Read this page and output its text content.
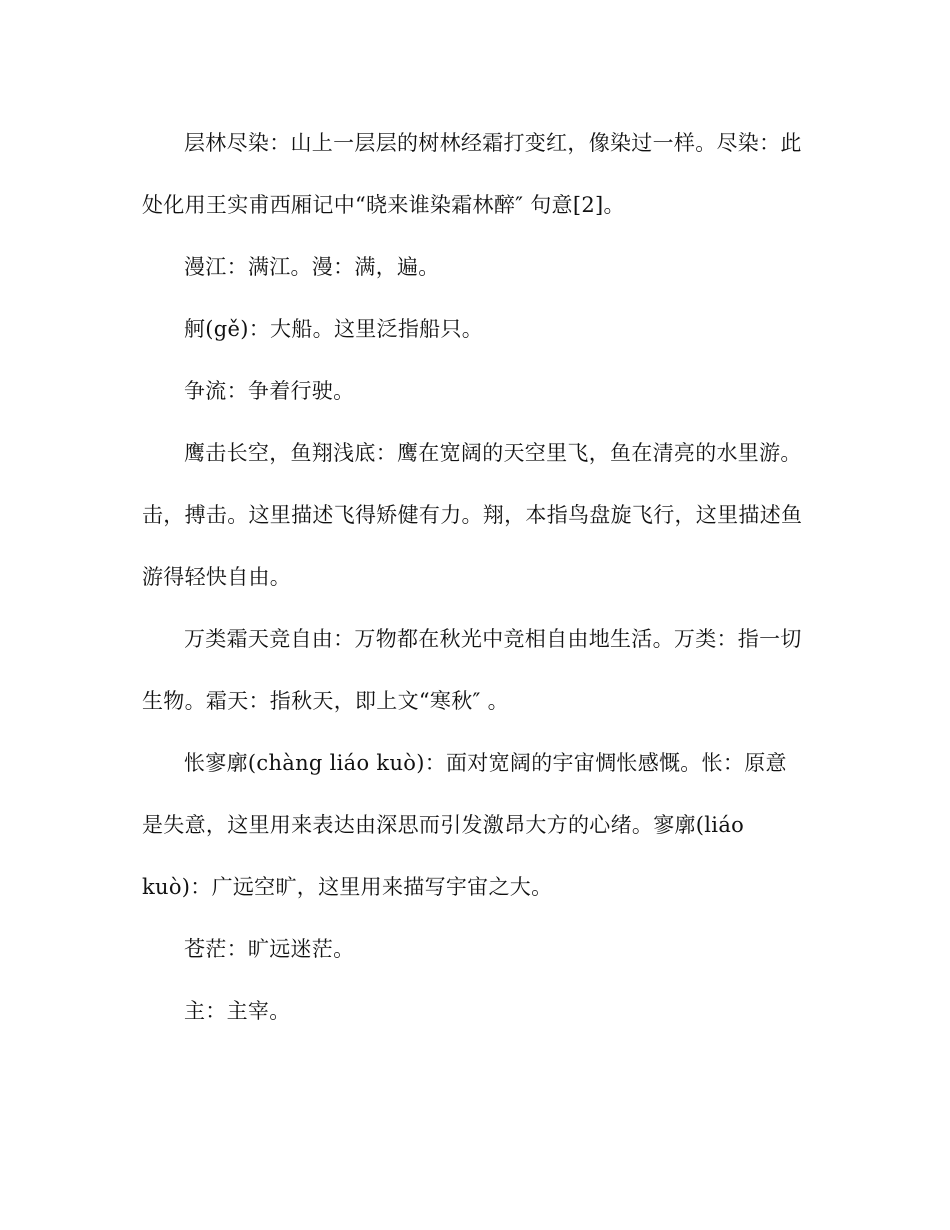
层林尽染：山上一层层的树林经霜打变红，像染过一样。尽染：此处化用王实甫西厢记中“晓来谁染霜林醉″ 句意[2]。

漫江：满江。漫：满，遍。

舸(gě)：大船。这里泛指船只。

争流：争着行驶。

鹰击长空，鱼翔浅底：鹰在宽阔的天空里飞，鱼在清亮的水里游。击，搏击。这里描述飞得矫健有力。翔，本指鸟盘旋飞行，这里描述鱼游得轻快自由。

万类霜天竞自由：万物都在秋光中竞相自由地生活。万类：指一切生物。霜天：指秋天，即上文“寒秋″ 。

怅寥廓(chàng liáo kuò)：面对宽阔的宇宙惆怅感慨。怅：原意是失意，这里用来表达由深思而引发激昂大方的心绪。寥廓(liáo kuò)：广远空旷，这里用来描写宇宙之大。

苍茫：旷远迷茫。

主：主宰。
